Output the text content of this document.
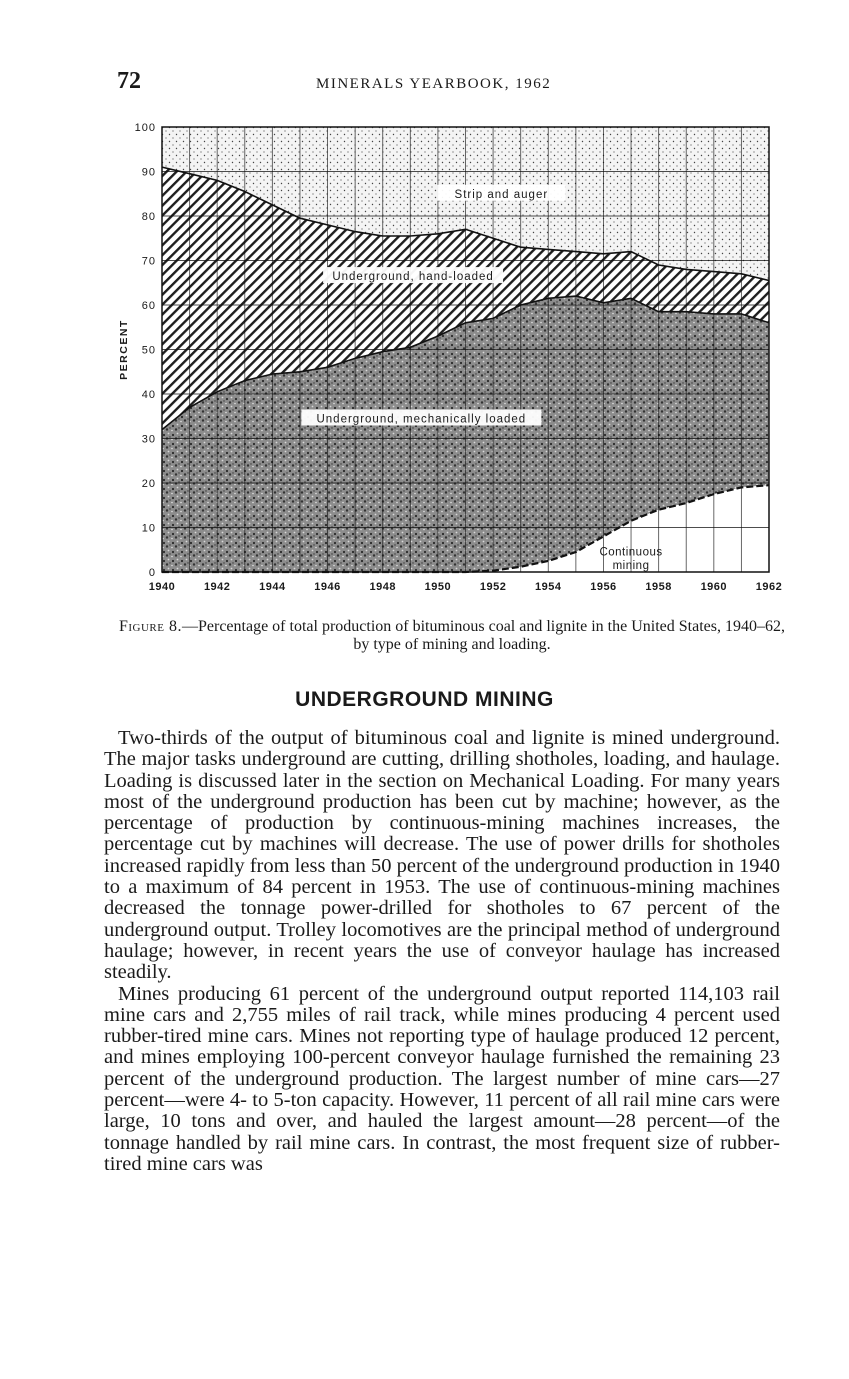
72	MINERALS YEARBOOK, 1962
0
10
20
30
40
50
60
70
80
90
100
1940	1942	1944	1946	1948	1950	1952	1954	1956	1958	1960	1962
PERCENT
Strip and auger
Underground, hand-loaded
Underground, mechanically loaded
Continuous
mining
Figure 8.—Percentage of total production of bituminous coal and lignite in the United States, 1940–62, by type of mining and loading.
UNDERGROUND MINING

Two-thirds of the output of bituminous coal and lignite is mined underground. The major tasks underground are cutting, drilling shotholes, loading, and haulage. Loading is discussed later in the section on Mechanical Loading. For many years most of the underground production has been cut by machine; however, as the percentage of production by continuous-mining machines increases, the percentage cut by machines will decrease. The use of power drills for shotholes increased rapidly from less than 50 percent of the underground production in 1940 to a maximum of 84 percent in 1953. The use of continuous-mining machines decreased the tonnage power-drilled for shotholes to 67 percent of the underground output. Trolley locomotives are the principal method of underground haulage; however, in recent years the use of conveyor haulage has increased steadily.

Mines producing 61 percent of the underground output reported 114,103 rail mine cars and 2,755 miles of rail track, while mines producing 4 percent used rubber-tired mine cars. Mines not reporting type of haulage produced 12 percent, and mines employing 100-percent conveyor haulage furnished the remaining 23 percent of the underground production. The largest number of mine cars—27 percent—were 4- to 5-ton capacity. However, 11 percent of all rail mine cars were large, 10 tons and over, and hauled the largest amount—28 percent—of the tonnage handled by rail mine cars. In contrast, the most frequent size of rubber-tired mine cars was
